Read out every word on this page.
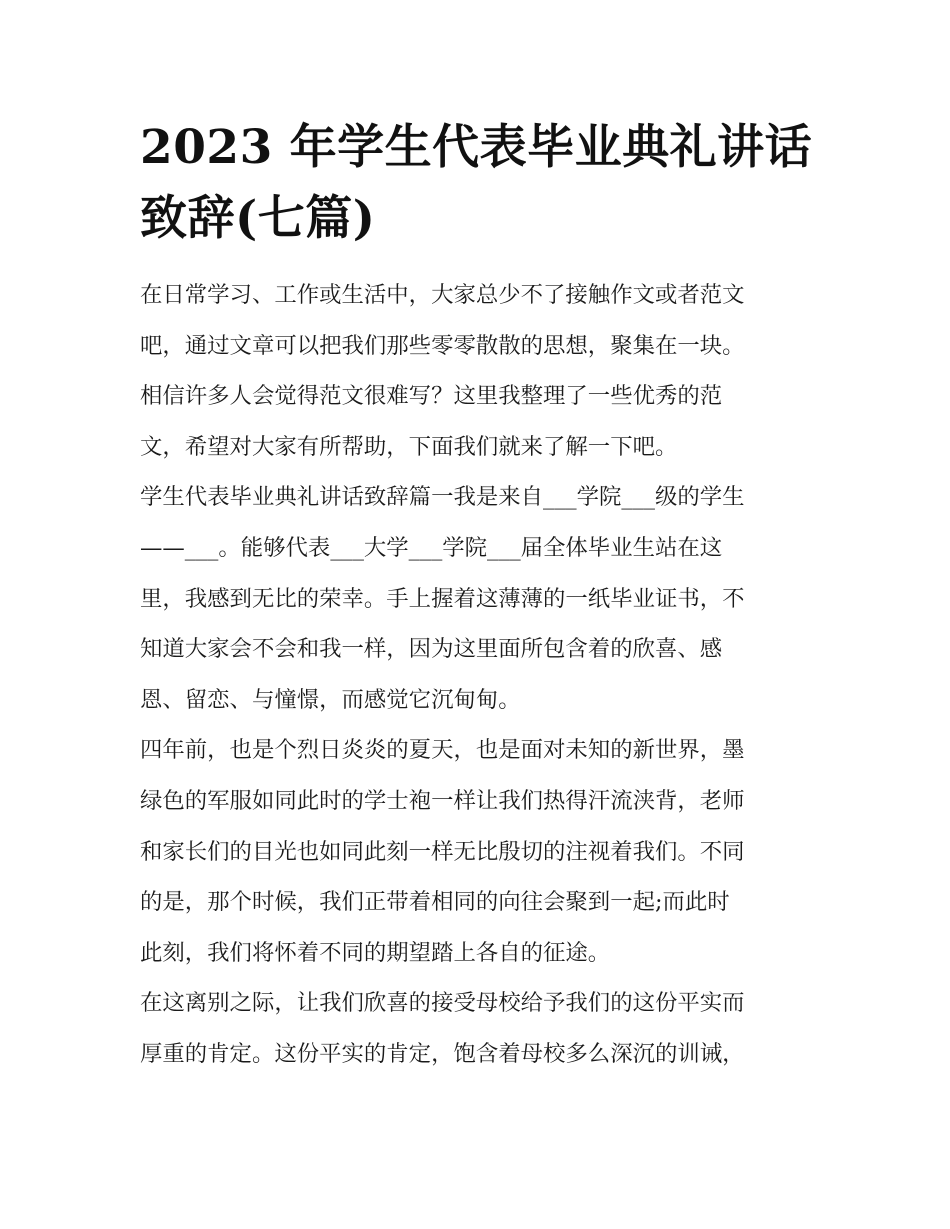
2023 年学生代表毕业典礼讲话
致辞(七篇)
在日常学习、工作或生活中，大家总少不了接触作文或者范文
吧，通过文章可以把我们那些零零散散的思想，聚集在一块。
相信许多人会觉得范文很难写？这里我整理了一些优秀的范
文，希望对大家有所帮助，下面我们就来了解一下吧。
学生代表毕业典礼讲话致辞篇一我是来自___学院___级的学生
——___。能够代表___大学___学院___届全体毕业生站在这
里，我感到无比的荣幸。手上握着这薄薄的一纸毕业证书，不
知道大家会不会和我一样，因为这里面所包含着的欣喜、感
恩、留恋、与憧憬，而感觉它沉甸甸。
四年前，也是个烈日炎炎的夏天，也是面对未知的新世界，墨
绿色的军服如同此时的学士袍一样让我们热得汗流浃背，老师
和家长们的目光也如同此刻一样无比殷切的注视着我们。不同
的是，那个时候，我们正带着相同的向往会聚到一起;而此时
此刻，我们将怀着不同的期望踏上各自的征途。
在这离别之际，让我们欣喜的接受母校给予我们的这份平实而
厚重的肯定。这份平实的肯定，饱含着母校多么深沉的训诫，
